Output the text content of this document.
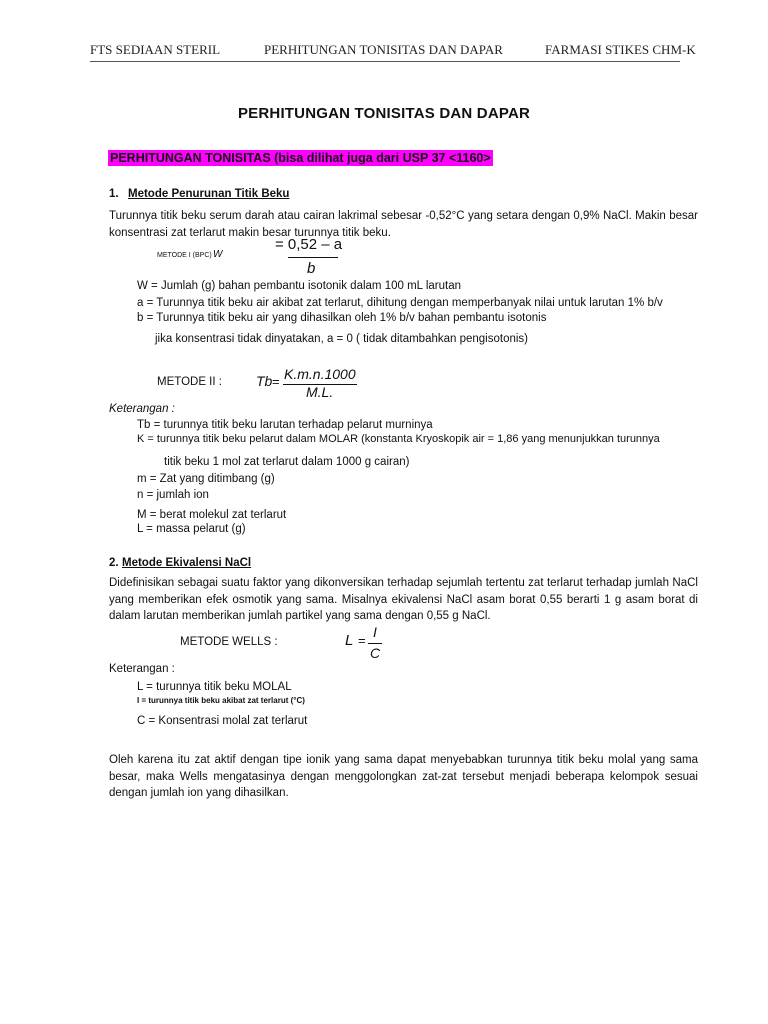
FTS SEDIAAN STERIL	PERHITUNGAN TONISITAS DAN DAPAR	FARMASI STIKES CHM-K
PERHITUNGAN TONISITAS DAN DAPAR
PERHITUNGAN TONISITAS (bisa dilihat juga dari USP 37 <1160>
1. Metode Penurunan Titik Beku
Turunnya titik beku serum darah atau cairan lakrimal sebesar -0,52°C yang setara dengan 0,9% NaCl. Makin besar konsentrasi zat terlarut makin besar turunnya titik beku.
METODE I (BPC) :
W
= 0,52 – a
b
W = Jumlah (g) bahan pembantu isotonik dalam 100 mL larutan
a = Turunnya titik beku air akibat zat terlarut, dihitung dengan memperbanyak nilai untuk larutan 1% b/v
b = Turunnya titik beku air yang dihasilkan oleh 1% b/v bahan pembantu isotonis
jika konsentrasi tidak dinyatakan, a = 0 ( tidak ditambahkan pengisotonis)
METODE II : Tb = K.m.n.1000
M.L.
Keterangan :
Tb = turunnya titik beku larutan terhadap pelarut murninya
K = turunnya titik beku pelarut dalam MOLAR (konstanta Kryoskopik air = 1,86 yang menunjukkan turunnya
titik beku 1 mol zat terlarut dalam 1000 g cairan)
m = Zat yang ditimbang (g)
n = jumlah ion
M = berat molekul zat terlarut
L = massa pelarut (g)
2. Metode Ekivalensi NaCl
Didefinisikan sebagai suatu faktor yang dikonversikan terhadap sejumlah tertentu zat terlarut terhadap jumlah NaCl yang memberikan efek osmotik yang sama. Misalnya ekivalensi NaCl asam borat 0,55 berarti 1 g asam borat di dalam larutan memberikan jumlah partikel yang sama dengan 0,55 g NaCl.
METODE WELLS :	L =
I
C
Keterangan :
L = turunnya titik beku MOLAL
I = turunnya titik beku akibat zat terlarut (°C)
C = Konsentrasi molal zat terlarut
Oleh karena itu zat aktif dengan tipe ionik yang sama dapat menyebabkan turunnya titik beku molal yang sama besar, maka Wells mengatasinya dengan menggolongkan zat-zat tersebut menjadi beberapa kelompok sesuai dengan jumlah ion yang dihasilkan.
